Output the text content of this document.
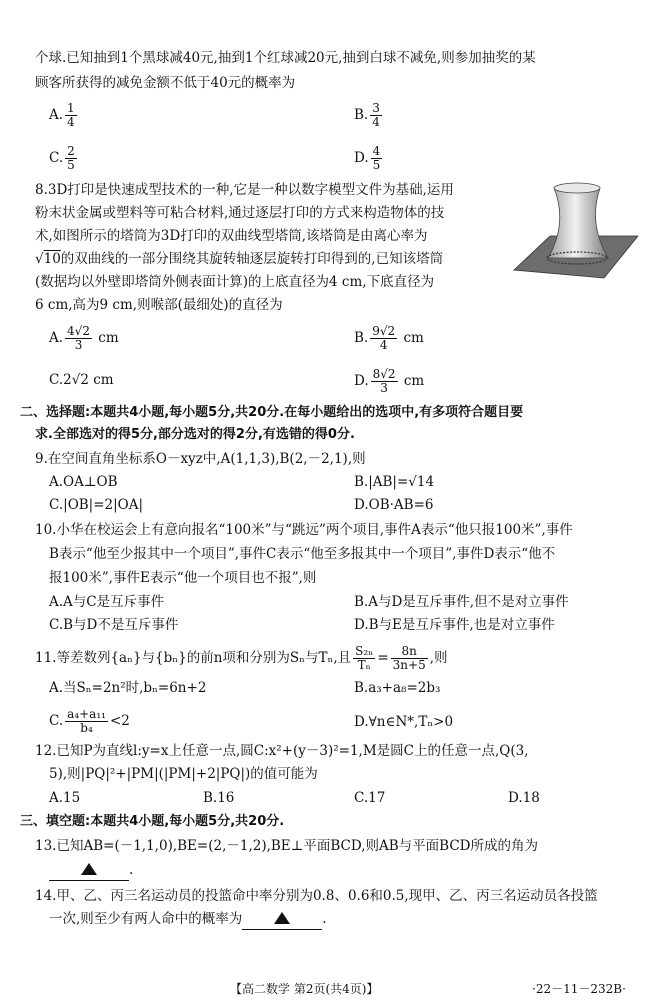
个球.已知抽到1个黑球减40元,抽到1个红球减20元,抽到白球不减免,则参加抽奖的某
顾客所获得的减免金额不低于40元的概率为
A. $\frac{1}{4}$	B. $\frac{3}{4}$
C. $\frac{2}{5}$	D. $\frac{4}{5}$
8.3D打印是快速成型技术的一种,它是一种以数字模型文件为基础,运用
粉末状金属或塑料等可粘合材料,通过逐层打印的方式来构造物体的技
术,如图所示的塔筒为3D打印的双曲线型塔筒,该塔筒是由离心率为
√10的双曲线的一部分围绕其旋转轴逐层旋转打印得到的,已知该塔筒
(数据均以外壁即塔筒外侧表面计算)的上底直径为4 cm,下底直径为
6 cm,高为9 cm,则喉部(最细处)的直径为
A. $\frac{4√2}{3}$ cm	B. $\frac{9√2}{4}$ cm
C.2√2 cm	D. $\frac{8√2}{3}$ cm
二、选择题:本题共4小题,每小题5分,共20分.在每小题给出的选项中,有多项符合题目要
求.全部选对的得5分,部分选对的得2分,有选错的得0分.
9.在空间直角坐标系O－xyz中,A(1,1,3),B(2,－2,1),则
A.OA⊥OB	B.|AB|=√14
C.|OB|=2|OA|	D.OB·AB=6
10.小华在校运会上有意向报名“100米”与“跳远”两个项目,事件A表示“他只报100米”,事件
B表示“他至少报其中一个项目”,事件C表示“他至多报其中一个项目”,事件D表示“他不
报100米”,事件E表示“他一个项目也不报”,则
A.A与C是互斥事件	B.A与D是互斥事件,但不是对立事件
C.B与D不是互斥事件	D.B与E是互斥事件,也是对立事件
11.等差数列{aₙ}与{bₙ}的前n项和分别为Sₙ与Tₙ,且 $\frac{\text{S₂ₙ}}{\text{Tₙ}} = \frac{8n}{3n+5}$ ,则
A.当Sₙ=2n²时,bₙ=6n+2	B.a₃+a₈=2b₃
C. $\frac{\text{a₄+a₁₁}}{\text{b₄}} <2$	D.∀n∈N*,Tₙ>0
12.已知P为直线l:y=x上任意一点,圆C:x²+(y－3)²=1,M是圆C上的任意一点,Q(3,
5),则|PQ|²+|PM|(|PM|+2|PQ|)的值可能为
A.15	B.16	C.17	D.18
三、填空题:本题共4小题,每小题5分,共20分.
13.已知AB=(－1,1,0),BE=(2,－1,2),BE⊥平面BCD,则AB与平面BCD所成的角为
.
14.甲、乙、丙三名运动员的投篮命中率分别为0.8、0.6和0.5,现甲、乙、丙三名运动员各投篮
一次,则至少有两人命中的概率为	.
【高二数学 第2页(共4页)】	·22－11－232B·
